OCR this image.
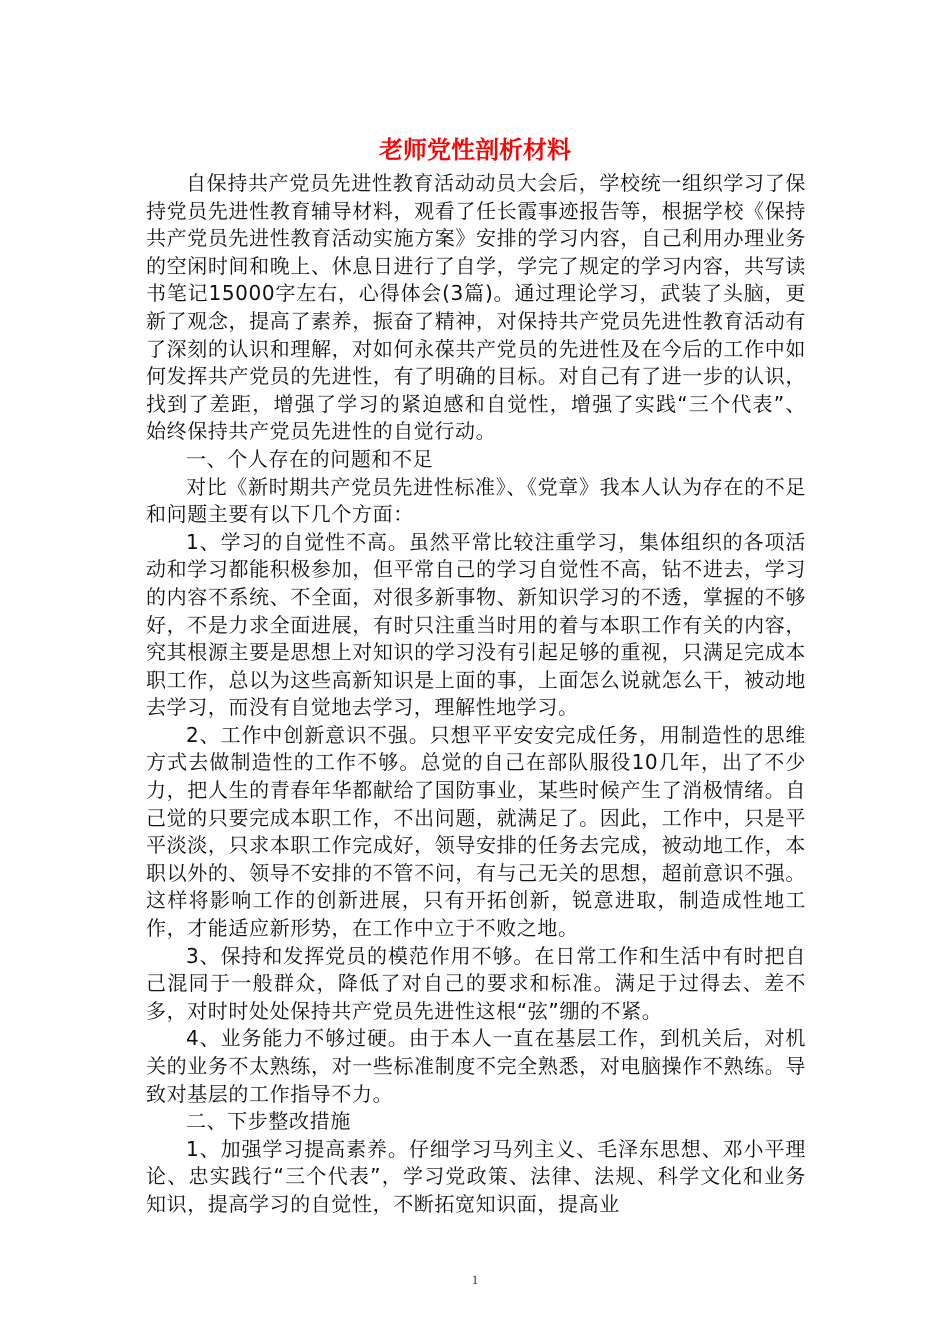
老师党性剖析材料

自保持共产党员先进性教育活动动员大会后，学校统一组织学习了保持党员先进性教育辅导材料，观看了任长霞事迹报告等，根据学校《保持共产党员先进性教育活动实施方案》安排的学习内容，自己利用办理业务的空闲时间和晚上、休息日进行了自学，学完了规定的学习内容，共写读书笔记15000字左右，心得体会(3篇)。通过理论学习，武装了头脑，更新了观念，提高了素养，振奋了精神，对保持共产党员先进性教育活动有了深刻的认识和理解，对如何永葆共产党员的先进性及在今后的工作中如何发挥共产党员的先进性，有了明确的目标。对自己有了进一步的认识，找到了差距，增强了学习的紧迫感和自觉性，增强了实践“三个代表”、始终保持共产党员先进性的自觉行动。

一、个人存在的问题和不足

对比《新时期共产党员先进性标准》、《党章》我本人认为存在的不足和问题主要有以下几个方面：

1、学习的自觉性不高。虽然平常比较注重学习，集体组织的各项活动和学习都能积极参加，但平常自己的学习自觉性不高，钻不进去，学习的内容不系统、不全面，对很多新事物、新知识学习的不透，掌握的不够好，不是力求全面进展，有时只注重当时用的着与本职工作有关的内容，究其根源主要是思想上对知识的学习没有引起足够的重视，只满足完成本职工作，总以为这些高新知识是上面的事，上面怎么说就怎么干，被动地去学习，而没有自觉地去学习，理解性地学习。

2、工作中创新意识不强。只想平平安安完成任务，用制造性的思维方式去做制造性的工作不够。总觉的自己在部队服役10几年，出了不少力，把人生的青春年华都献给了国防事业，某些时候产生了消极情绪。自己觉的只要完成本职工作，不出问题，就满足了。因此，工作中，只是平平淡淡，只求本职工作完成好，领导安排的任务去完成，被动地工作，本职以外的、领导不安排的不管不问，有与己无关的思想，超前意识不强。这样将影响工作的创新进展，只有开拓创新，锐意进取，制造成性地工作，才能适应新形势，在工作中立于不败之地。

3、保持和发挥党员的模范作用不够。在日常工作和生活中有时把自己混同于一般群众，降低了对自己的要求和标准。满足于过得去、差不多，对时时处处保持共产党员先进性这根“弦”绷的不紧。

4、业务能力不够过硬。由于本人一直在基层工作，到机关后，对机关的业务不太熟练，对一些标准制度不完全熟悉，对电脑操作不熟练。导致对基层的工作指导不力。

二、下步整改措施

1、加强学习提高素养。仔细学习马列主义、毛泽东思想、邓小平理论、忠实践行“三个代表”，学习党政策、法律、法规、科学文化和业务知识，提高学习的自觉性，不断拓宽知识面，提高业

1
